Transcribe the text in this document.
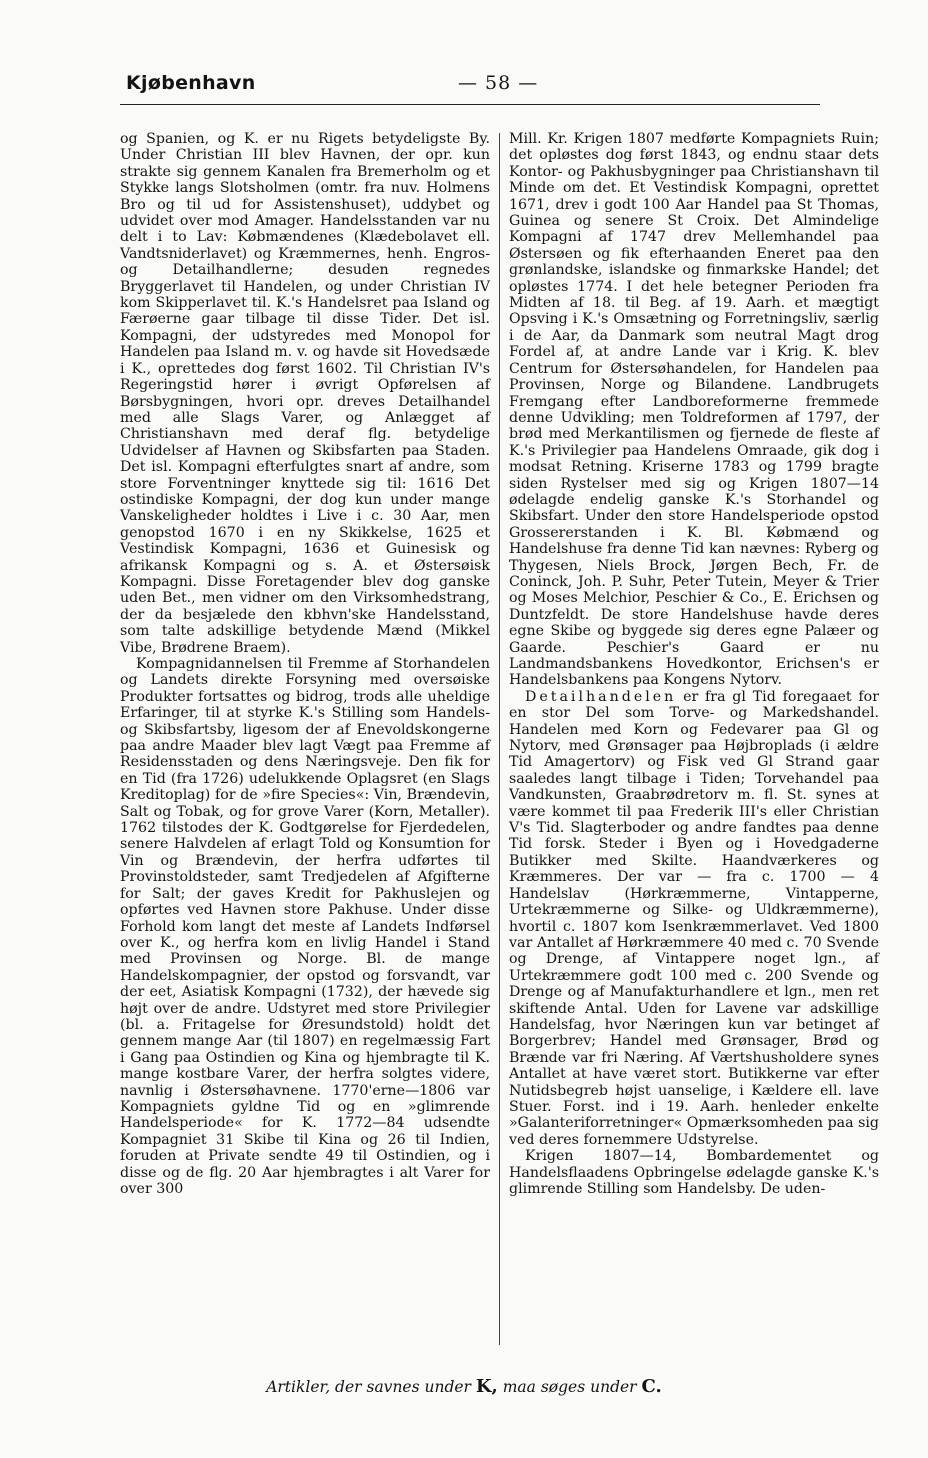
Kjøbenhavn	— 58 —

og Spanien, og K. er nu Rigets betydeligste By. Under Christian III blev Havnen, der opr. kun strakte sig gennem Kanalen fra Bremerholm og et Stykke langs Slotsholmen (omtr. fra nuv. Holmens Bro og til ud for Assistenshuset), uddybet og udvidet over mod Amager. Handelsstanden var nu delt i to Lav: Købmændenes (Klædebolavet ell. Vandtsniderlavet) og Kræmmernes, henh. Engros- og Detailhandlerne; desuden regnedes Bryggerlavet til Handelen, og under Christian IV kom Skipperlavet til. K.'s Handelsret paa Island og Færøerne gaar tilbage til disse Tider. Det isl. Kompagni, der udstyredes med Monopol for Handelen paa Island m. v. og havde sit Hovedsæde i K., oprettedes dog først 1602. Til Christian IV's Regeringstid hører i øvrigt Opførelsen af Børsbygningen, hvori opr. dreves Detailhandel med alle Slags Varer, og Anlægget af Christianshavn med deraf flg. betydelige Udvidelser af Havnen og Skibsfarten paa Staden. Det isl. Kompagni efterfulgtes snart af andre, som store Forventninger knyttede sig til: 1616 Det ostindiske Kompagni, der dog kun under mange Vanskeligheder holdtes i Live i c. 30 Aar, men genopstod 1670 i en ny Skikkelse, 1625 et Vestindisk Kompagni, 1636 et Guinesisk og afrikansk Kompagni og s. A. et Østersøisk Kompagni. Disse Foretagender blev dog ganske uden Bet., men vidner om den Virksomhedstrang, der da besjælede den kbhvn'ske Handelsstand, som talte adskillige betydende Mænd (Mikkel Vibe, Brødrene Braem).

Kompagnidannelsen til Fremme af Storhandelen og Landets direkte Forsyning med oversøiske Produkter fortsattes og bidrog, trods alle uheldige Erfaringer, til at styrke K.'s Stilling som Handels- og Skibsfartsby, ligesom der af Enevoldskongerne paa andre Maader blev lagt Vægt paa Fremme af Residensstaden og dens Næringsveje. Den fik for en Tid (fra 1726) udelukkende Oplagsret (en Slags Kreditoplag) for de »fire Species«: Vin, Brændevin, Salt og Tobak, og for grove Varer (Korn, Metaller). 1762 tilstodes der K. Godtgørelse for Fjerdedelen, senere Halvdelen af erlagt Told og Konsumtion for Vin og Brændevin, der herfra udførtes til Provinstoldsteder, samt Tredjedelen af Afgifterne for Salt; der gaves Kredit for Pakhuslejen og opførtes ved Havnen store Pakhuse. Under disse Forhold kom langt det meste af Landets Indførsel over K., og herfra kom en livlig Handel i Stand med Provinsen og Norge. Bl. de mange Handelskompagnier, der opstod og forsvandt, var der eet, Asiatisk Kompagni (1732), der hævede sig højt over de andre. Udstyret med store Privilegier (bl. a. Fritagelse for Øresundstold) holdt det gennem mange Aar (til 1807) en regelmæssig Fart i Gang paa Ostindien og Kina og hjembragte til K. mange kostbare Varer, der herfra solgtes videre, navnlig i Østersøhavnene. 1770'erne—1806 var Kompagniets gyldne Tid og en »glimrende Handelsperiode« for K. 1772—84 udsendte Kompagniet 31 Skibe til Kina og 26 til Indien, foruden at Private sendte 49 til Ostindien, og i disse og de flg. 20 Aar hjembragtes i alt Varer for over 300

Mill. Kr. Krigen 1807 medførte Kompagniets Ruin; det opløstes dog først 1843, og endnu staar dets Kontor- og Pakhusbygninger paa Christianshavn til Minde om det. Et Vestindisk Kompagni, oprettet 1671, drev i godt 100 Aar Handel paa St Thomas, Guinea og senere St Croix. Det Almindelige Kompagni af 1747 drev Mellemhandel paa Østersøen og fik efterhaanden Eneret paa den grønlandske, islandske og finmarkske Handel; det opløstes 1774. I det hele betegner Perioden fra Midten af 18. til Beg. af 19. Aarh. et mægtigt Opsving i K.'s Omsætning og Forretningsliv, særlig i de Aar, da Danmark som neutral Magt drog Fordel af, at andre Lande var i Krig. K. blev Centrum for Østersøhandelen, for Handelen paa Provinsen, Norge og Bilandene. Landbrugets Fremgang efter Landboreformerne fremmede denne Udvikling; men Toldreformen af 1797, der brød med Merkantilismen og fjernede de fleste af K.'s Privilegier paa Handelens Omraade, gik dog i modsat Retning. Kriserne 1783 og 1799 bragte siden Rystelser med sig og Krigen 1807—14 ødelagde endelig ganske K.'s Storhandel og Skibsfart. Under den store Handelsperiode opstod Grossererstanden i K. Bl. Købmænd og Handelshuse fra denne Tid kan nævnes: Ryberg og Thygesen, Niels Brock, Jørgen Bech, Fr. de Coninck, Joh. P. Suhr, Peter Tutein, Meyer & Trier og Moses Melchior, Peschier & Co., E. Erichsen og Duntzfeldt. De store Handelshuse havde deres egne Skibe og byggede sig deres egne Palæer og Gaarde. Peschier's Gaard er nu Landmandsbankens Hovedkontor, Erichsen's er Handelsbankens paa Kongens Nytorv.

Detailhandelen er fra gl Tid foregaaet for en stor Del som Torve- og Markedshandel. Handelen med Korn og Fedevarer paa Gl og Nytorv, med Grønsager paa Højbroplads (i ældre Tid Amagertorv) og Fisk ved Gl Strand gaar saaledes langt tilbage i Tiden; Torvehandel paa Vandkunsten, Graabrødretorv m. fl. St. synes at være kommet til paa Frederik III's eller Christian V's Tid. Slagterboder og andre fandtes paa denne Tid forsk. Steder i Byen og i Hovedgaderne Butikker med Skilte. Haandværkeres og Kræmmeres. Der var — fra c. 1700 — 4 Handelslav (Hørkræmmerne, Vintapperne, Urtekræmmerne og Silke- og Uldkræmmerne), hvortil c. 1807 kom Isenkræmmerlavet. Ved 1800 var Antallet af Hørkræmmere 40 med c. 70 Svende og Drenge, af Vintappere noget lgn., af Urtekræmmere godt 100 med c. 200 Svende og Drenge og af Manufakturhandlere et lgn., men ret skiftende Antal. Uden for Lavene var adskillige Handelsfag, hvor Næringen kun var betinget af Borgerbrev; Handel med Grønsager, Brød og Brænde var fri Næring. Af Værtshusholdere synes Antallet at have været stort. Butikkerne var efter Nutidsbegreb højst uanselige, i Kældere ell. lave Stuer. Forst. ind i 19. Aarh. henleder enkelte »Galanteriforretninger« Opmærksomheden paa sig ved deres fornemmere Udstyrelse.

Krigen 1807—14, Bombardementet og Handelsflaadens Opbringelse ødelagde ganske K.'s glimrende Stilling som Handelsby. De uden-

Artikler, der savnes under K, maa søges under C.
